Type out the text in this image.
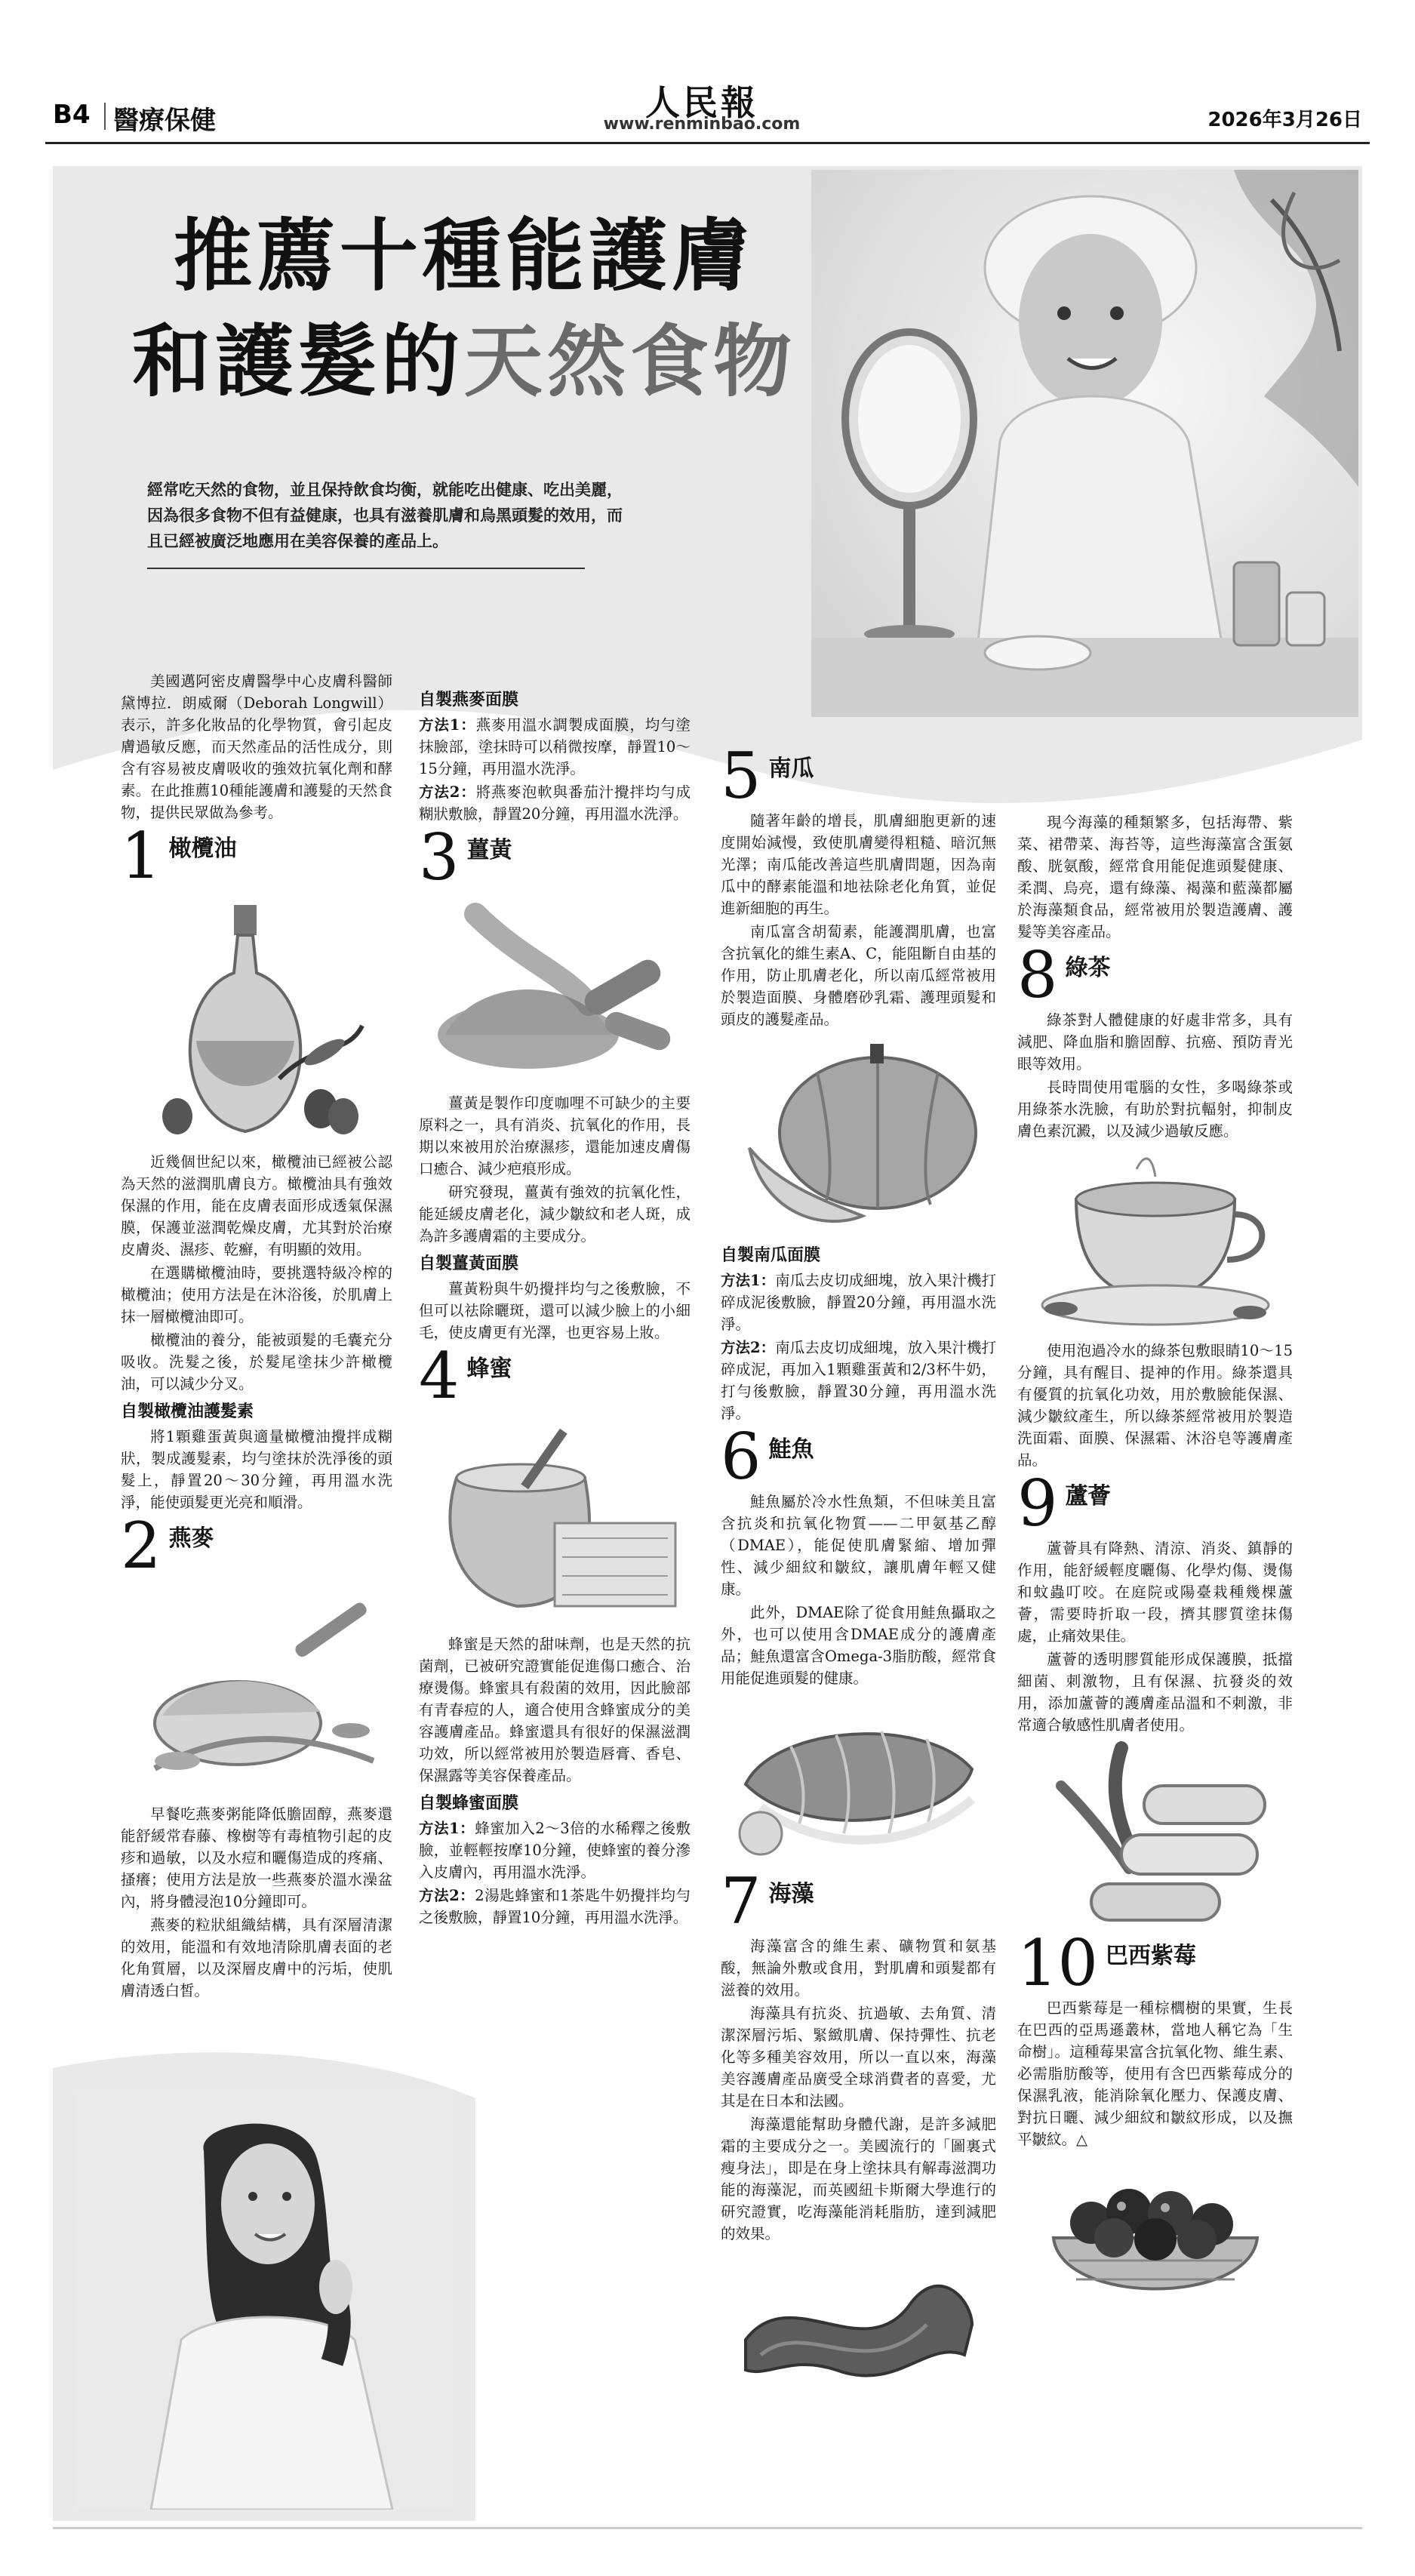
B4 醫療保健	人民報
www.renminbao.com	2026年3月26日
推薦十種能護膚
和護髮的天然食物
經常吃天然的食物，並且保持飲食均衡，就能吃出健康、吃出美麗，因為很多食物不但有益健康，也具有滋養肌膚和烏黑頭髮的效用，而且已經被廣泛地應用在美容保養的產品上。

美國邁阿密皮膚醫學中心皮膚科醫師黛博拉．朗威爾（Deborah Longwill）表示，許多化妝品的化學物質，會引起皮膚過敏反應，而天然產品的活性成分，則含有容易被皮膚吸收的強效抗氧化劑和酵素。在此推薦10種能護膚和護髮的天然食物，提供民眾做為參考。

1 橄欖油

近幾個世紀以來，橄欖油已經被公認為天然的滋潤肌膚良方。橄欖油具有強效保濕的作用，能在皮膚表面形成透氣保濕膜，保護並滋潤乾燥皮膚，尤其對於治療皮膚炎、濕疹、乾癬，有明顯的效用。

在選購橄欖油時，要挑選特級冷榨的橄欖油；使用方法是在沐浴後，於肌膚上抹一層橄欖油即可。

橄欖油的養分，能被頭髮的毛囊充分吸收。洗髮之後，於髮尾塗抹少許橄欖油，可以減少分叉。

自製橄欖油護髮素

將1顆雞蛋黃與適量橄欖油攪拌成糊狀，製成護髮素，均勻塗抹於洗淨後的頭髮上，靜置20～30分鐘，再用溫水洗淨，能使頭髮更光亮和順滑。

2 燕麥

早餐吃燕麥粥能降低膽固醇，燕麥還能舒緩常春藤、橡樹等有毒植物引起的皮疹和過敏，以及水痘和曬傷造成的疼痛、搔癢；使用方法是放一些燕麥於溫水澡盆內，將身體浸泡10分鐘即可。

燕麥的粒狀組織結構，具有深層清潔的效用，能溫和有效地清除肌膚表面的老化角質層，以及深層皮膚中的污垢，使肌膚清透白皙。

自製燕麥面膜

方法1：燕麥用溫水調製成面膜，均勻塗抹臉部，塗抹時可以稍微按摩，靜置10～15分鐘，再用溫水洗淨。

方法2：將燕麥泡軟與番茄汁攪拌均勻成糊狀敷臉，靜置20分鐘，再用溫水洗淨。

3 薑黃

薑黃是製作印度咖哩不可缺少的主要原料之一，具有消炎、抗氧化的作用，長期以來被用於治療濕疹，還能加速皮膚傷口癒合、減少疤痕形成。

研究發現，薑黃有強效的抗氧化性，能延緩皮膚老化，減少皺紋和老人斑，成為許多護膚霜的主要成分。

自製薑黃面膜

薑黃粉與牛奶攪拌均勻之後敷臉，不但可以祛除曬斑，還可以減少臉上的小細毛，使皮膚更有光澤，也更容易上妝。

4 蜂蜜

蜂蜜是天然的甜味劑，也是天然的抗菌劑，已被研究證實能促進傷口癒合、治療燙傷。蜂蜜具有殺菌的效用，因此臉部有青春痘的人，適合使用含蜂蜜成分的美容護膚產品。蜂蜜還具有很好的保濕滋潤功效，所以經常被用於製造唇膏、香皂、保濕露等美容保養產品。

自製蜂蜜面膜

方法1：蜂蜜加入2～3倍的水稀釋之後敷臉，並輕輕按摩10分鐘，使蜂蜜的養分滲入皮膚內，再用溫水洗淨。

方法2：2湯匙蜂蜜和1茶匙牛奶攪拌均勻之後敷臉，靜置10分鐘，再用溫水洗淨。

5 南瓜

隨著年齡的增長，肌膚細胞更新的速度開始減慢，致使肌膚變得粗糙、暗沉無光澤；南瓜能改善這些肌膚問題，因為南瓜中的酵素能溫和地祛除老化角質，並促進新細胞的再生。

南瓜富含胡蔔素，能護潤肌膚，也富含抗氧化的維生素A、C，能阻斷自由基的作用，防止肌膚老化，所以南瓜經常被用於製造面膜、身體磨砂乳霜、護理頭髮和頭皮的護髮產品。

自製南瓜面膜

方法1：南瓜去皮切成細塊，放入果汁機打碎成泥後敷臉，靜置20分鐘，再用溫水洗淨。

方法2：南瓜去皮切成細塊，放入果汁機打碎成泥，再加入1顆雞蛋黃和2/3杯牛奶，打勻後敷臉，靜置30分鐘，再用溫水洗淨。

6 鮭魚

鮭魚屬於冷水性魚類，不但味美且富含抗炎和抗氧化物質——二甲氨基乙醇（DMAE），能促使肌膚緊縮、增加彈性、減少細紋和皺紋，讓肌膚年輕又健康。

此外，DMAE除了從食用鮭魚攝取之外，也可以使用含DMAE成分的護膚產品；鮭魚還富含Omega-3脂肪酸，經常食用能促進頭髮的健康。

7 海藻

海藻富含的維生素、礦物質和氨基酸，無論外敷或食用，對肌膚和頭髮都有滋養的效用。

海藻具有抗炎、抗過敏、去角質、清潔深層污垢、緊緻肌膚、保持彈性、抗老化等多種美容效用，所以一直以來，海藻美容護膚產品廣受全球消費者的喜愛，尤其是在日本和法國。

海藻還能幫助身體代謝，是許多減肥霜的主要成分之一。美國流行的「圖裏式瘦身法」，即是在身上塗抹具有解毒滋潤功能的海藻泥，而英國紐卡斯爾大學進行的研究證實，吃海藻能消耗脂肪，達到減肥的效果。

現今海藻的種類繁多，包括海帶、紫菜、裙帶菜、海苔等，這些海藻富含蛋氨酸、胱氨酸，經常食用能促進頭髮健康、柔潤、烏亮，還有綠藻、褐藻和藍藻都屬於海藻類食品，經常被用於製造護膚、護髮等美容產品。

8 綠茶

綠茶對人體健康的好處非常多，具有減肥、降血脂和膽固醇、抗癌、預防青光眼等效用。

長時間使用電腦的女性，多喝綠茶或用綠茶水洗臉，有助於對抗輻射，抑制皮膚色素沉澱，以及減少過敏反應。

使用泡過冷水的綠茶包敷眼睛10～15分鐘，具有醒目、提神的作用。綠茶還具有優質的抗氧化功效，用於敷臉能保濕、減少皺紋產生，所以綠茶經常被用於製造洗面霜、面膜、保濕霜、沐浴皂等護膚產品。

9 蘆薈

蘆薈具有降熱、清涼、消炎、鎮靜的作用，能舒緩輕度曬傷、化學灼傷、燙傷和蚊蟲叮咬。在庭院或陽臺栽種幾棵蘆薈，需要時折取一段，擠其膠質塗抹傷處，止痛效果佳。

蘆薈的透明膠質能形成保護膜，抵擋細菌、刺激物，且有保濕、抗發炎的效用，添加蘆薈的護膚產品溫和不刺激，非常適合敏感性肌膚者使用。

10 巴西紫莓

巴西紫莓是一種棕櫚樹的果實，生長在巴西的亞馬遜叢林，當地人稱它為「生命樹」。這種莓果富含抗氧化物、維生素、必需脂肪酸等，使用有含巴西紫莓成分的保濕乳液，能消除氧化壓力、保護皮膚、對抗日曬、減少細紋和皺紋形成，以及撫平皺紋。△
